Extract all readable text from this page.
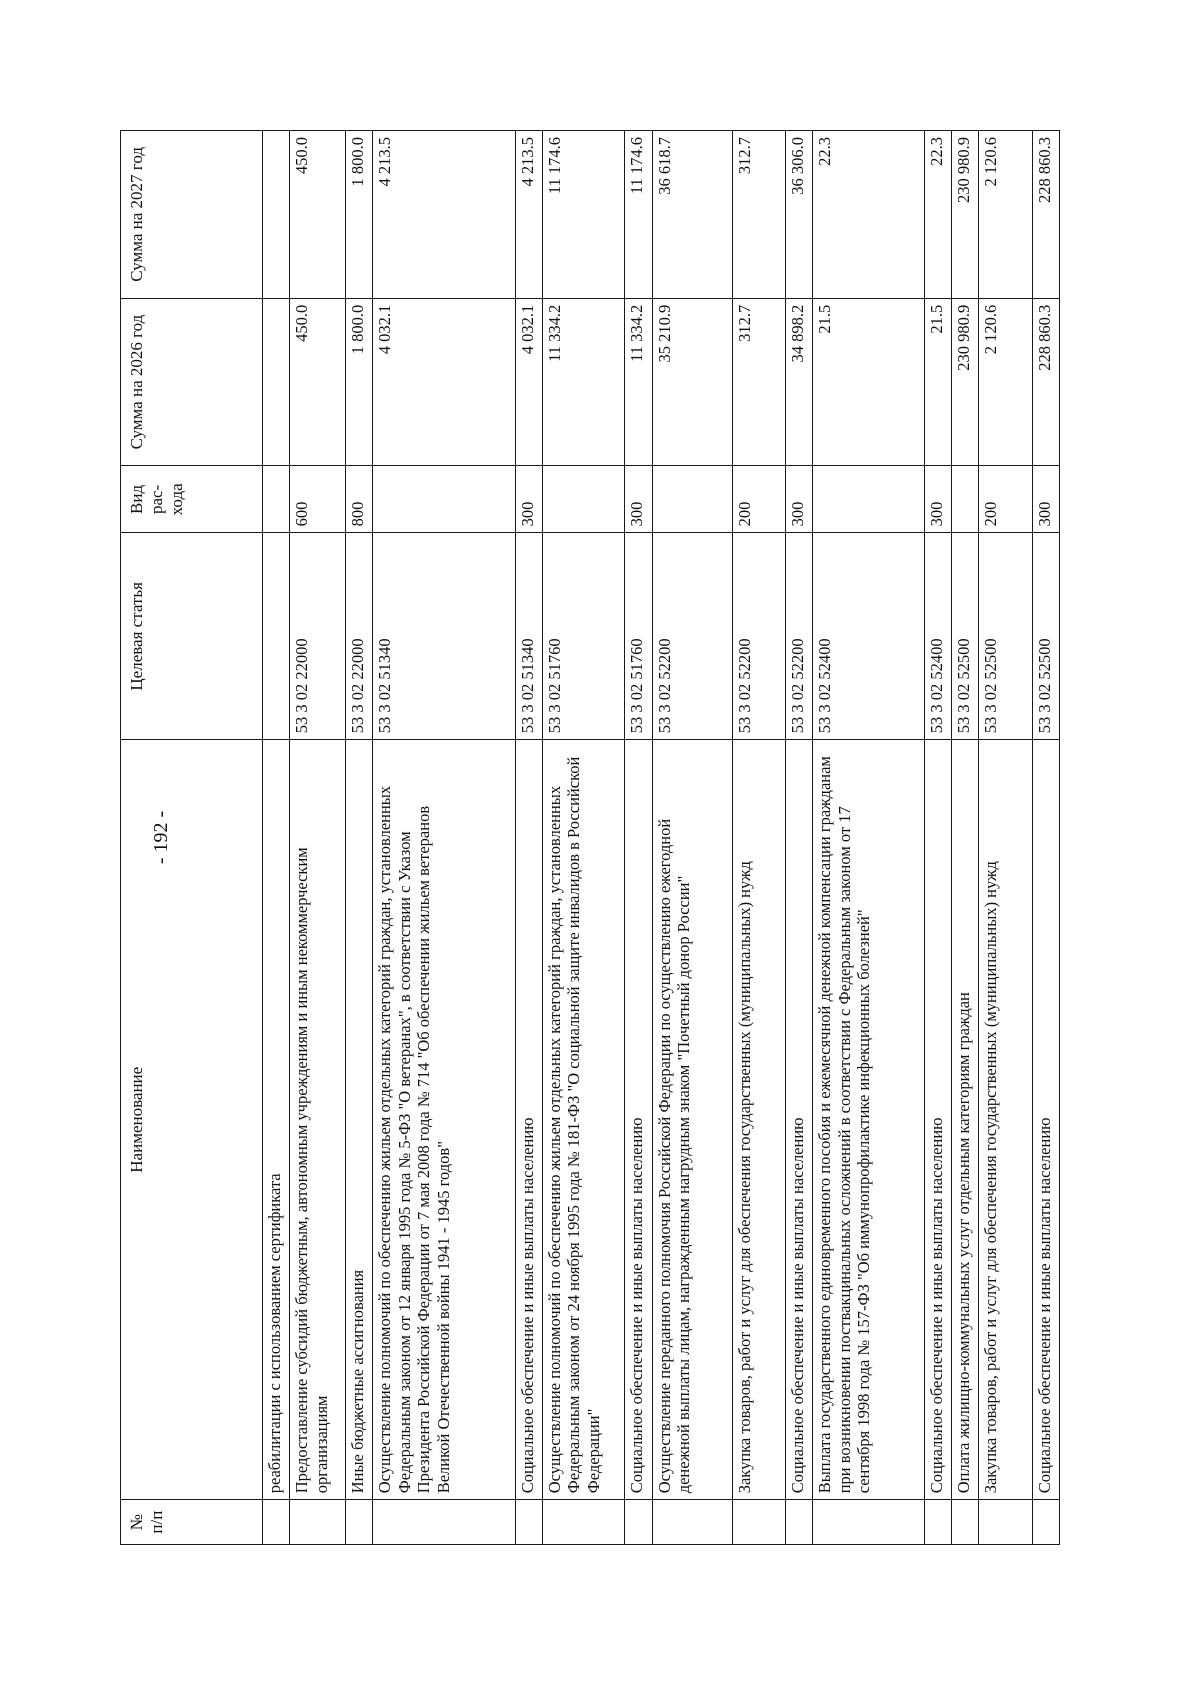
- 192 -
№ п/п	Наименование	Целевая статья	Вид рас- хода	Сумма на 2026 год	Сумма на 2027 год
	реабилитации с использованием сертификата				
	Предоставление субсидий бюджетным, автономным учреждениям и иным некоммерческим организациям	53 3 02 22000	600	450.0	450.0
	Иные бюджетные ассигнования	53 3 02 22000	800	1 800.0	1 800.0
	Осуществление полномочий по обеспечению жильем отдельных категорий граждан, установленных Федеральным законом от 12 января 1995 года № 5-ФЗ "О ветеранах", в соответствии с Указом Президента Российской Федерации от 7 мая 2008 года № 714 "Об обеспечении жильем ветеранов Великой Отечественной войны 1941 - 1945 годов"	53 3 02 51340		4 032.1	4 213.5
	Социальное обеспечение и иные выплаты населению	53 3 02 51340	300	4 032.1	4 213.5
	Осуществление полномочий по обеспечению жильем отдельных категорий граждан, установленных Федеральным законом от 24 ноября 1995 года № 181-ФЗ "О социальной защите инвалидов в Российской Федерации"	53 3 02 51760		11 334.2	11 174.6
	Социальное обеспечение и иные выплаты населению	53 3 02 51760	300	11 334.2	11 174.6
	Осуществление переданного полномочия Российской Федерации по осуществлению ежегодной денежной выплаты лицам, награжденным нагрудным знаком "Почетный донор России"	53 3 02 52200		35 210.9	36 618.7
	Закупка товаров, работ и услуг для обеспечения государственных (муниципальных) нужд	53 3 02 52200	200	312.7	312.7
	Социальное обеспечение и иные выплаты населению	53 3 02 52200	300	34 898.2	36 306.0
	Выплата государственного единовременного пособия и ежемесячной денежной компенсации гражданам при возникновении поствакцинальных осложнений в соответствии с Федеральным законом от 17 сентября 1998 года № 157-ФЗ "Об иммунопрофилактике инфекционных болезней"	53 3 02 52400		21.5	22.3
	Социальное обеспечение и иные выплаты населению	53 3 02 52400	300	21.5	22.3
	Оплата жилищно-коммунальных услуг отдельным категориям граждан	53 3 02 52500		230 980.9	230 980.9
	Закупка товаров, работ и услуг для обеспечения государственных (муниципальных) нужд	53 3 02 52500	200	2 120.6	2 120.6
	Социальное обеспечение и иные выплаты населению	53 3 02 52500	300	228 860.3	228 860.3
